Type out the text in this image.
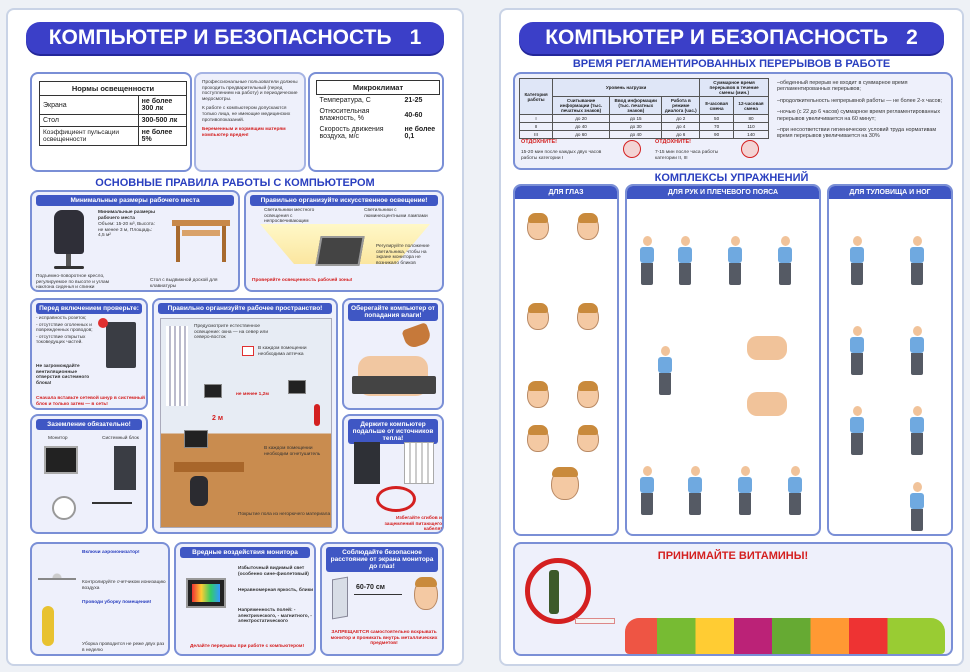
КОМПЬЮТЕР И БЕЗОПАСНОСТЬ 1
Нормы освещенности	
Экрана	не более 300 лк
Стол	300-500 лк
Коэффициент пульсации освещенности	не более 5%

Профессиональные пользователи должны проходить предварительный (перед поступлением на работу) и периодические медосмотры.

К работе с компьютером допускаются только лица, не имеющие медицинских противопоказаний.

Беременным и кормящим матерям компьютер вреден!

Микроклимат	
Температура, С	21-25
Относительная влажность, %	40-60
Скорость движения воздуха, м/с	не более 0,1
ОСНОВНЫЕ ПРАВИЛА РАБОТЫ С КОМПЬЮТЕРОМ
Минимальные размеры рабочего места

Минимальные размеры рабочего места

Объем: 15-20 м³, Высота: не менее 3 м, Площадь: 4,5 м²

Подъемно-поворотное кресло, регулируемое по высоте и углам наклона сиденья и спинки

Стол с выдвижной доской для клавиатуры

Правильно организуйте искусственное освещение!

Светильники местного освещения с непросвечивающим

Светильники с люминесцентными лампами

Регулируйте положение светильника, чтобы на экране монитора не возникало бликов

Проверяйте освещенность рабочей зоны!

Перед включением проверьте:

- исправность розеток;

- отсутствие оголенных и поврежденных проводов;

- отсутствие открытых токоведущих частей.

Не загромождайте вентиляционные отверстия системного блока!

Сначала вставьте сетевой шнур в системный блок и только затем — в сеть!

Правильно организуйте рабочее пространство!

Предусмотрите естественное освещение: окна — на север или северо-восток

В каждом помещении необходима аптечка

не менее 1,2м

2 м

В каждом помещении необходим огнетушитель

Покрытие пола из негорючего материала

Оберегайте компьютер от попадания влаги!
Заземление обязательно!

Монитор	Системный блок

Держите компьютер подальше от источников тепла!

Избегайте сгибов и защемлений питающего кабеля!

Включи аэроионизатор!

Контролируйте счетчиком ионизацию воздуха

Проводи уборку помещения!

Уборка проводится не реже двух раз в неделю

Вредные воздействия монитора

Избыточный видимый свет (особенно сине-фиолетовый)

Неравномерная яркость, блики

Напряженность полей: - электрического, - магнитного, - электростатического

Делайте перерывы при работе с компьютером!

Соблюдайте безопасное расстояние от экрана монитора до глаз!

60-70 см

ЗАПРЕЩАЕТСЯ самостоятельно вскрывать монитор и проникать внутрь металлических предметов!

КОМПЬЮТЕР И БЕЗОПАСНОСТЬ 2
ВРЕМЯ РЕГЛАМЕНТИРОВАННЫХ ПЕРЕРЫВОВ В РАБОТЕ
Категория работы	Уровень нагрузки			Суммарное время перерывов в течение смены (мин.)	
	Считывание информации (тыс. печатных знаков)	Ввод информации (тыс. печатных знаков)	Работа в режиме диалога (час.)	8-часовая смена	12-часовая смена
I	до 20	до 15	до 2	50	80
II	до 40	до 30	до 4	70	110
III	до 60	до 40	до 6	90	140

ОТДОХНИТЕ!

15-20 мин после каждых двух часов работы категории I

ОТДОХНИТЕ!

7-15 мин после часа работы категории II, III

–обеденный перерыв не входит в суммарное время регламентированных перерывов;

–продолжительность непрерывной работы — не более 2-х часов;

–ночью (с 22 до 6 часов) суммарное время регламентированных перерывов увеличивается на 60 минут;

–при несоответствии гигиенических условий труда нормативам время перерывов увеличивается на 30%

КОМПЛЕКСЫ УПРАЖНЕНИЙ
ДЛЯ ГЛАЗ	ДЛЯ РУК И ПЛЕЧЕВОГО ПОЯСА	ДЛЯ ТУЛОВИЩА И НОГ
ПРИНИМАЙТЕ ВИТАМИНЫ!
